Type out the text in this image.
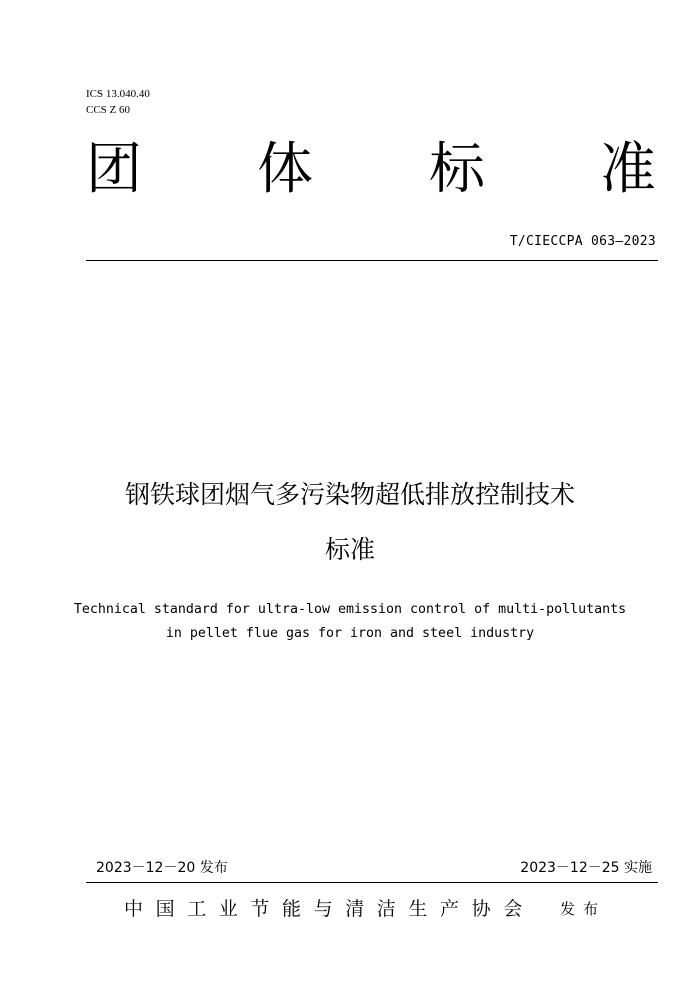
ICS 13.040.40
CCS Z 60
团 体 标 准
T/CIECCPA 063—2023
钢铁球团烟气多污染物超低排放控制技术
标准
Technical standard for ultra-low emission control of multi-pollutants
in pellet flue gas for iron and steel industry
2023－12－20 发布	2023－12－25 实施
中国工业节能与清洁生产协会 发布
